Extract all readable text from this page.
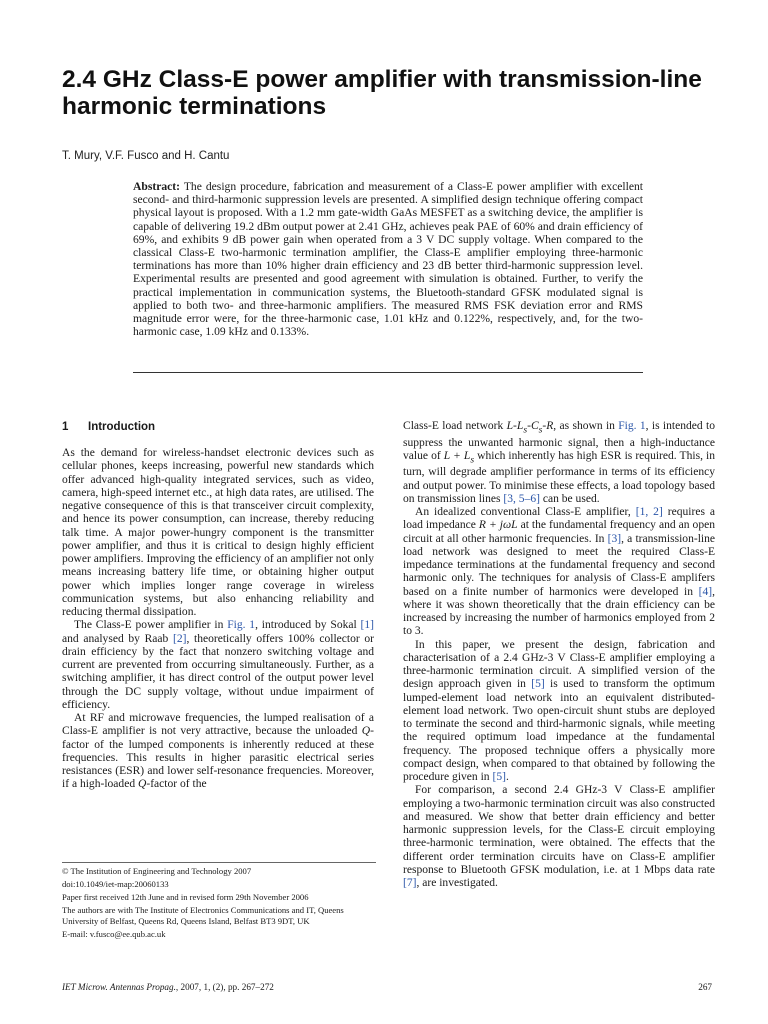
2.4 GHz Class-E power amplifier with transmission-line harmonic terminations
T. Mury, V.F. Fusco and H. Cantu

Abstract: The design procedure, fabrication and measurement of a Class-E power amplifier with excellent second- and third-harmonic suppression levels are presented. A simplified design technique offering compact physical layout is proposed. With a 1.2 mm gate-width GaAs MESFET as a switching device, the amplifier is capable of delivering 19.2 dBm output power at 2.41 GHz, achieves peak PAE of 60% and drain efficiency of 69%, and exhibits 9 dB power gain when operated from a 3 V DC supply voltage. When compared to the classical Class-E two-harmonic termination amplifier, the Class-E amplifier employing three-harmonic terminations has more than 10% higher drain efficiency and 23 dB better third-harmonic suppression level. Experimental results are presented and good agreement with simulation is obtained. Further, to verify the practical implementation in communication systems, the Bluetooth-standard GFSK modulated signal is applied to both two- and three-harmonic amplifiers. The measured RMS FSK deviation error and RMS magnitude error were, for the three-harmonic case, 1.01 kHz and 0.122%, respectively, and, for the two-harmonic case, 1.09 kHz and 0.133%.

1 Introduction

As the demand for wireless-handset electronic devices such as cellular phones, keeps increasing, powerful new standards which offer advanced high-quality integrated services, such as video, camera, high-speed internet etc., at high data rates, are utilised. The negative consequence of this is that transceiver circuit complexity, and hence its power consumption, can increase, thereby reducing talk time. A major power-hungry component is the transmitter power amplifier, and thus it is critical to design highly efficient power amplifiers. Improving the efficiency of an amplifier not only means increasing battery life time, or obtaining higher output power which implies longer range coverage in wireless communication systems, but also enhancing reliability and reducing thermal dissipation.

The Class-E power amplifier in Fig. 1, introduced by Sokal [1] and analysed by Raab [2], theoretically offers 100% collector or drain efficiency by the fact that nonzero switching voltage and current are prevented from occurring simultaneously. Further, as a switching amplifier, it has direct control of the output power level through the DC supply voltage, without undue impairment of efficiency.

At RF and microwave frequencies, the lumped realisation of a Class-E amplifier is not very attractive, because the unloaded Q-factor of the lumped components is inherently reduced at these frequencies. This results in higher parasitic electrical series resistances (ESR) and lower self-resonance frequencies. Moreover, if a high-loaded Q-factor of the

Class-E load network $L-L_s-C_s-R$, as shown in Fig. 1, is intended to suppress the unwanted harmonic signal, then a high-inductance value of $L + L_s$ which inherently has high ESR is required. This, in turn, will degrade amplifier performance in terms of its efficiency and output power. To minimise these effects, a load topology based on transmission lines [3, 5–6] can be used.

An idealized conventional Class-E amplifier, [1, 2] requires a load impedance R + jωL at the fundamental frequency and an open circuit at all other harmonic frequencies. In [3], a transmission-line load network was designed to meet the required Class-E impedance terminations at the fundamental frequency and second harmonic only. The techniques for analysis of Class-E amplifers based on a finite number of harmonics were developed in [4], where it was shown theoretically that the drain efficiency can be increased by increasing the number of harmonics employed from 2 to 3.

In this paper, we present the design, fabrication and characterisation of a 2.4 GHz-3 V Class-E amplifier employing a three-harmonic termination circuit. A simplified version of the design approach given in [5] is used to transform the optimum lumped-element load network into an equivalent distributed-element load network. Two open-circuit shunt stubs are deployed to terminate the second and third-harmonic signals, while meeting the required optimum load impedance at the fundamental frequency. The proposed technique offers a physically more compact design, when compared to that obtained by following the procedure given in [5].

For comparison, a second 2.4 GHz-3 V Class-E amplifier employing a two-harmonic termination circuit was also constructed and measured. We show that better drain efficiency and better harmonic suppression levels, for the Class-E circuit employing three-harmonic termination, were obtained. The effects that the different order termination circuits have on Class-E amplifier response to Bluetooth GFSK modulation, i.e. at 1 Mbps data rate [7], are investigated.

© The Institution of Engineering and Technology 2007
doi:10.1049/iet-map:20060133
Paper first received 12th June and in revised form 29th November 2006
The authors are with The Institute of Electronics Communications and IT, Queens University of Belfast, Queens Rd, Queens Island, Belfast BT3 9DT, UK
E-mail: v.fusco@ee.qub.ac.uk
IET Microw. Antennas Propag., 2007, 1, (2), pp. 267–272	267
